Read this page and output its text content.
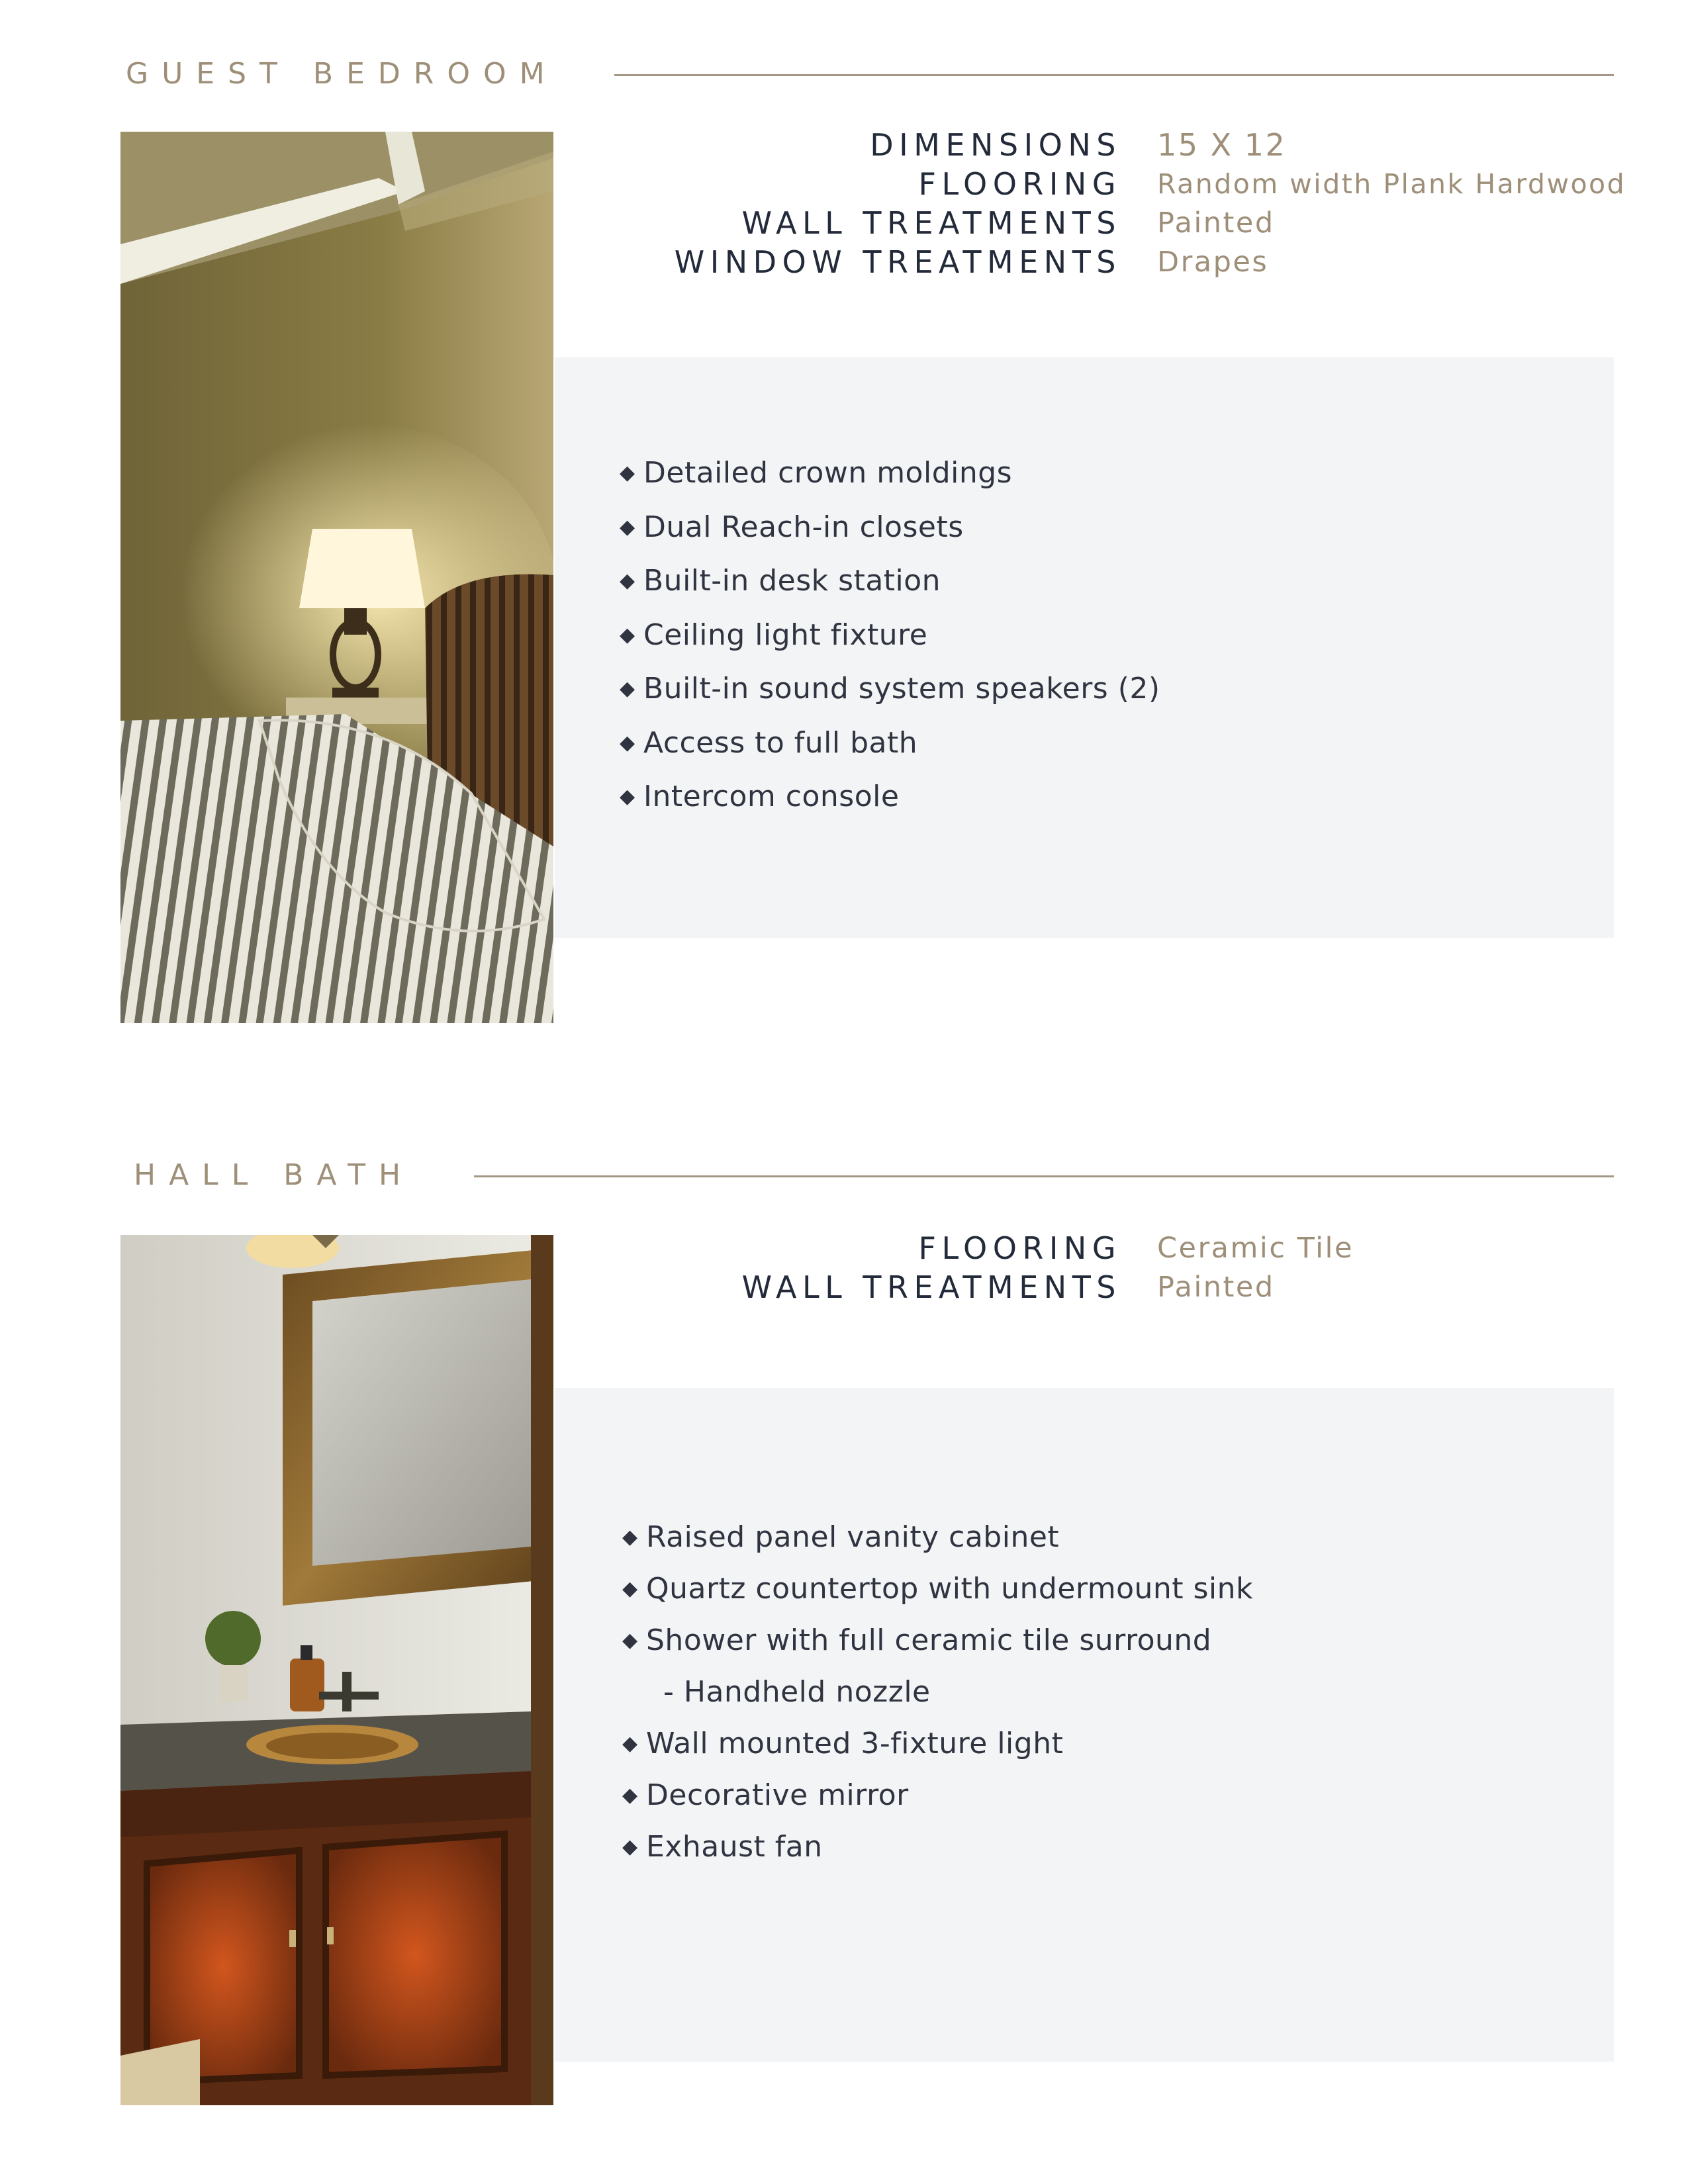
GUEST BEDROOM
DIMENSIONS
FLOORING
WALL TREATMENTS
WINDOW TREATMENTS
15 X 12
Random width Plank Hardwood
Painted
Drapes
◆ Detailed crown moldings
◆ Dual Reach-in closets
◆ Built-in desk station
◆ Ceiling light fixture
◆ Built-in sound system speakers (2)
◆ Access to full bath
◆ Intercom console
HALL BATH
FLOORING
WALL TREATMENTS
Ceramic Tile
Painted
◆ Raised panel vanity cabinet
◆ Quartz countertop with undermount sink
◆ Shower with full ceramic tile surround
- Handheld nozzle
◆ Wall mounted 3-fixture light
◆ Decorative mirror
◆ Exhaust fan
